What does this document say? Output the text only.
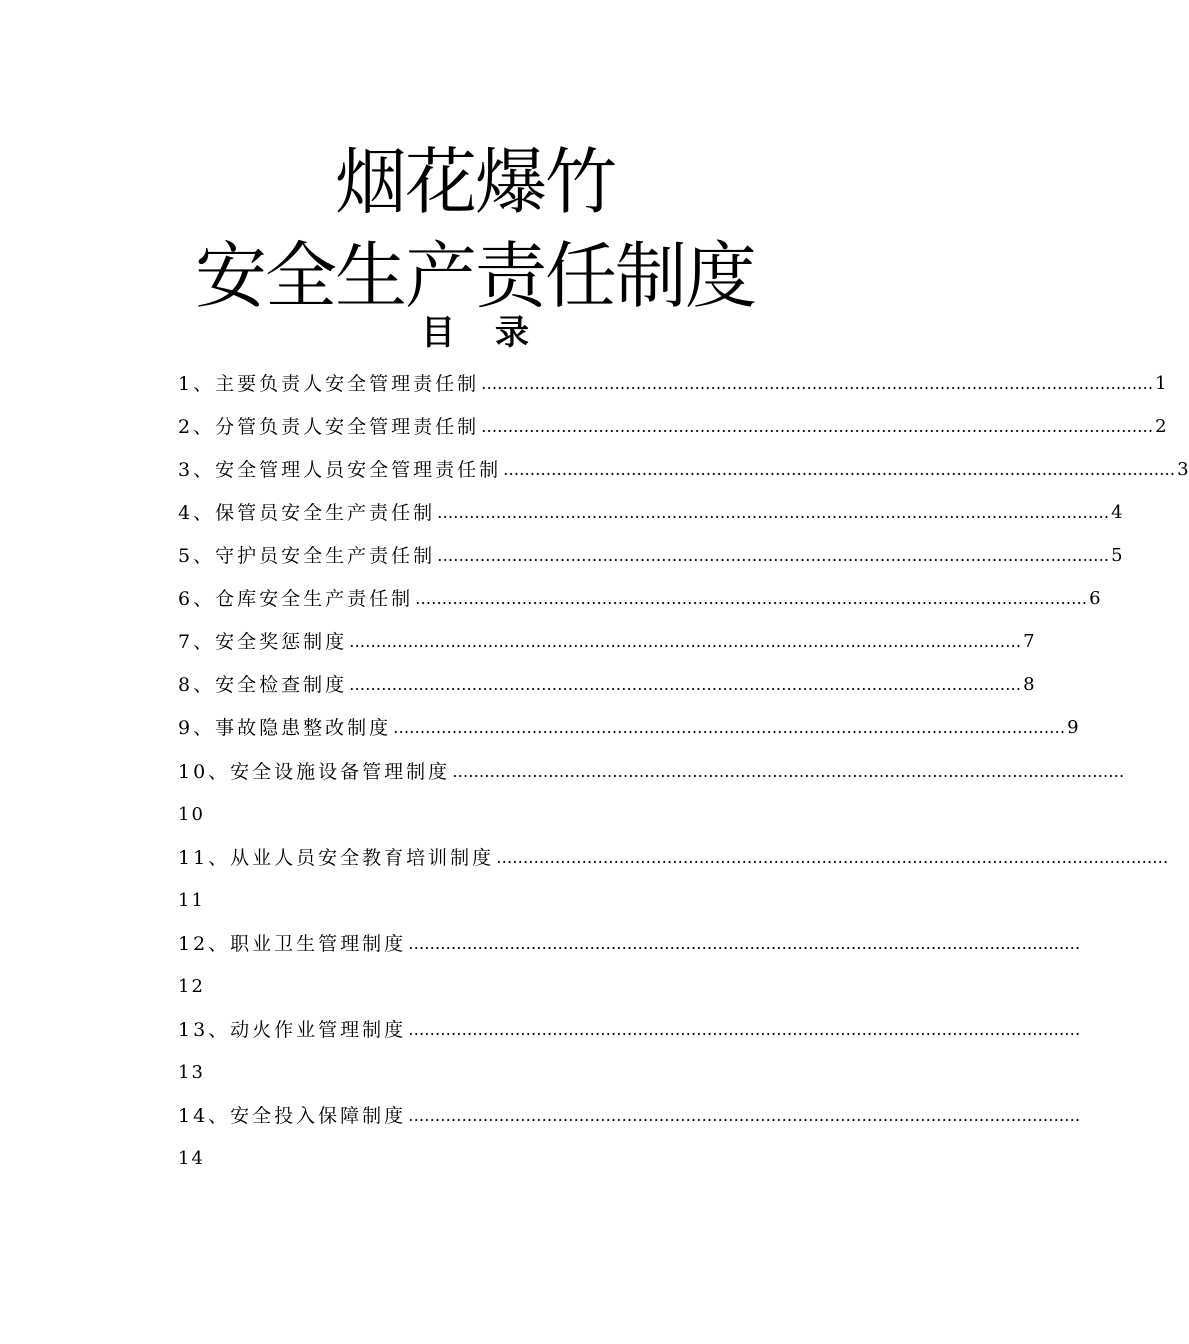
烟花爆竹
安全生产责任制度
目 录
1、主要负责人安全管理责任制 ……………………………………………………………………………………………………………… 1
2、分管负责人安全管理责任制 ……………………………………………………………………………………………………………… 2
3、安全管理人员安全管理责任制 ……………………………………………………………………………………………………………… 3
4、保管员安全生产责任制 ……………………………………………………………………………………………………………… 4
5、守护员安全生产责任制 ……………………………………………………………………………………………………………… 5
6、仓库安全生产责任制 ……………………………………………………………………………………………………………… 6
7、安全奖惩制度 ……………………………………………………………………………………………………………… 7
8、安全检查制度 ……………………………………………………………………………………………………………… 8
9、事故隐患整改制度 ……………………………………………………………………………………………………………… 9
10、安全设施设备管理制度 ………………………………………………………………………………………………………………
10
11、从业人员安全教育培训制度 ………………………………………………………………………………………………………………
11
12、职业卫生管理制度 ………………………………………………………………………………………………………………
12
13、动火作业管理制度 ………………………………………………………………………………………………………………
13
14、安全投入保障制度 ………………………………………………………………………………………………………………
14
